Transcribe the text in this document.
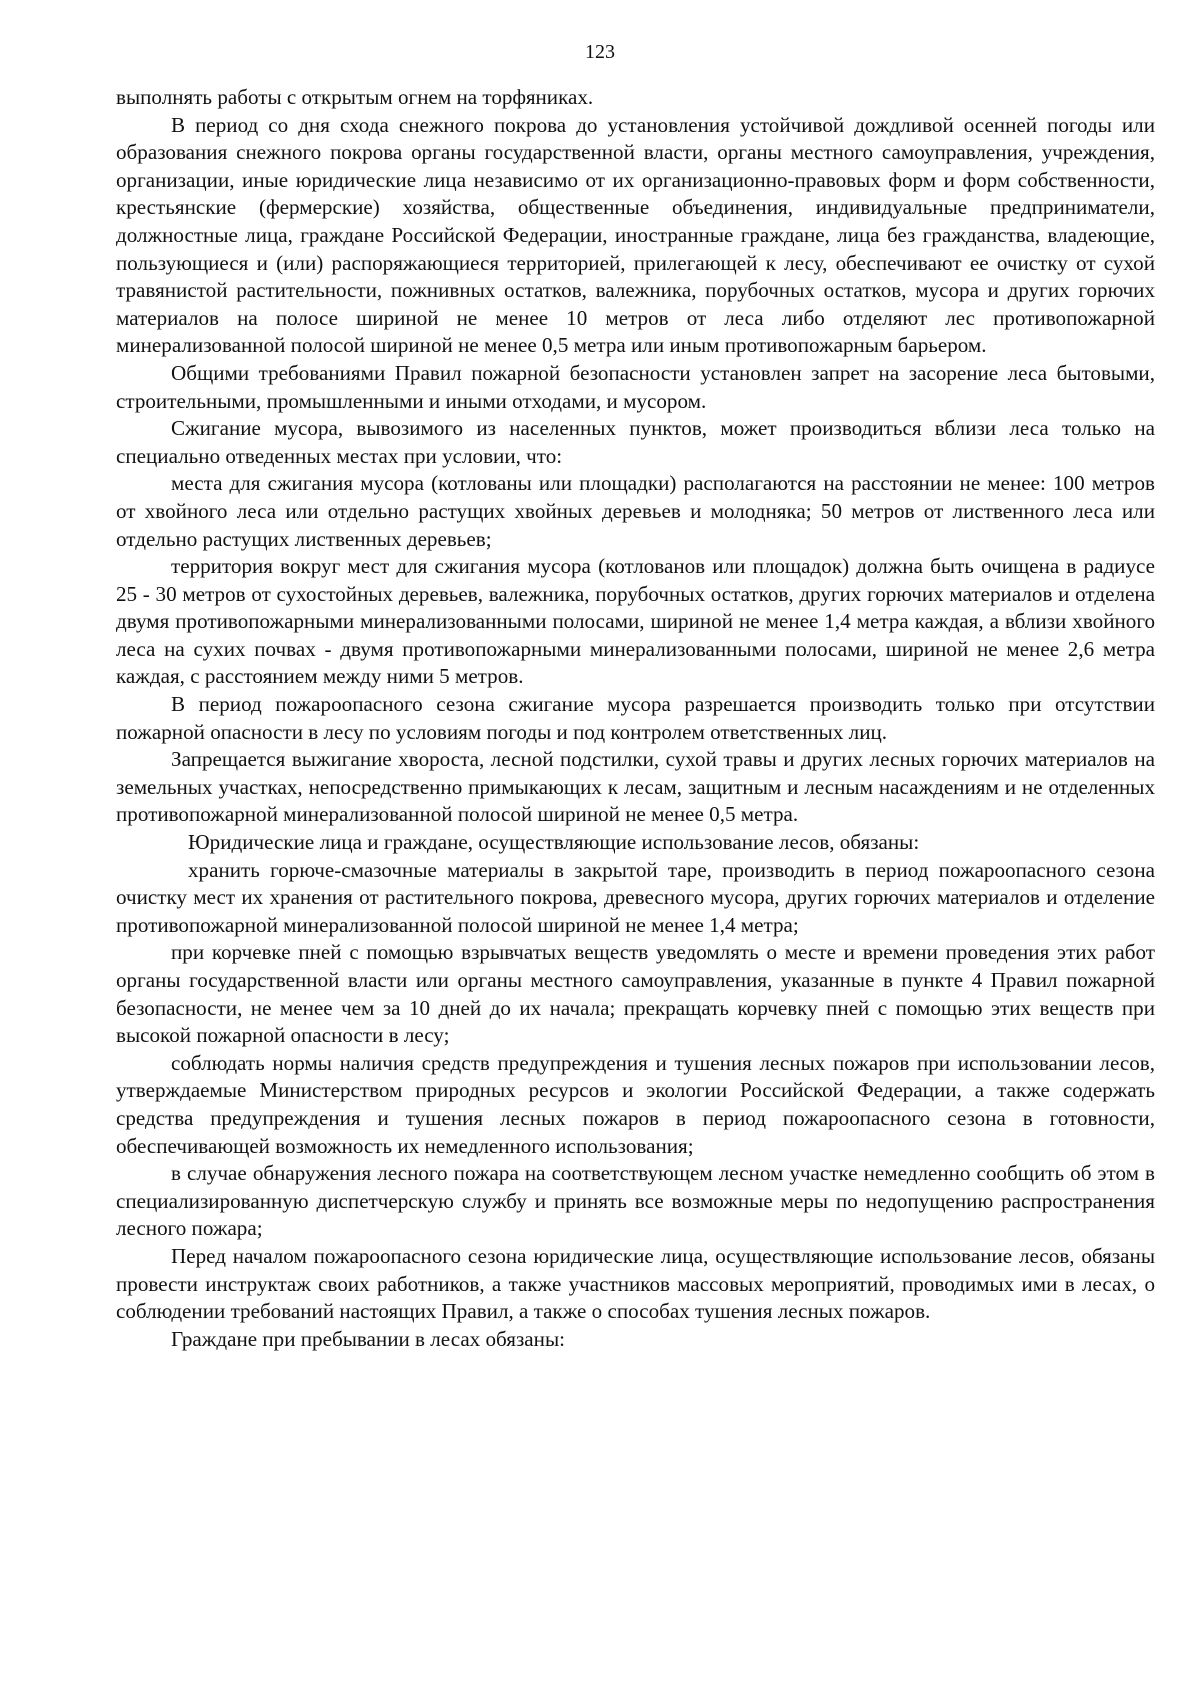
123

выполнять работы с открытым огнем на торфяниках.

В период со дня схода снежного покрова до установления устойчивой дождливой осенней погоды или образования снежного покрова органы государственной власти, органы местного самоуправления, учреждения, организации, иные юридические лица независимо от их организационно-правовых форм и форм собственности, крестьянские (фермерские) хозяйства, общественные объединения, индивидуальные предприниматели, должностные лица, граждане Российской Федерации, иностранные граждане, лица без гражданства, владеющие, пользующиеся и (или) распоряжающиеся территорией, прилегающей к лесу, обеспечивают ее очистку от сухой травянистой растительности, пожнивных остатков, валежника, порубочных остатков, мусора и других горючих материалов на полосе шириной не менее 10 метров от леса либо отделяют лес противопожарной минерализованной полосой шириной не менее 0,5 метра или иным противопожарным барьером.

Общими требованиями Правил пожарной безопасности установлен запрет на засорение леса бытовыми, строительными, промышленными и иными отходами, и мусором.

Сжигание мусора, вывозимого из населенных пунктов, может производиться вблизи леса только на специально отведенных местах при условии, что:

места для сжигания мусора (котлованы или площадки) располагаются на расстоянии не менее: 100 метров от хвойного леса или отдельно растущих хвойных деревьев и молодняка; 50 метров от лиственного леса или отдельно растущих лиственных деревьев;

территория вокруг мест для сжигания мусора (котлованов или площадок) должна быть очищена в радиусе 25 - 30 метров от сухостойных деревьев, валежника, порубочных остатков, других горючих материалов и отделена двумя противопожарными минерализованными полосами, шириной не менее 1,4 метра каждая, а вблизи хвойного леса на сухих почвах - двумя противопожарными минерализованными полосами, шириной не менее 2,6 метра каждая, с расстоянием между ними 5 метров.

В период пожароопасного сезона сжигание мусора разрешается производить только при отсутствии пожарной опасности в лесу по условиям погоды и под контролем ответственных лиц.

Запрещается выжигание хвороста, лесной подстилки, сухой травы и других лесных горючих материалов на земельных участках, непосредственно примыкающих к лесам, защитным и лесным насаждениям и не отделенных противопожарной минерализованной полосой шириной не менее 0,5 метра.

Юридические лица и граждане, осуществляющие использование лесов, обязаны:

хранить горюче-смазочные материалы в закрытой таре, производить в период пожароопасного сезона очистку мест их хранения от растительного покрова, древесного мусора, других горючих материалов и отделение противопожарной минерализованной полосой шириной не менее 1,4 метра;

при корчевке пней с помощью взрывчатых веществ уведомлять о месте и времени проведения этих работ органы государственной власти или органы местного самоуправления, указанные в пункте 4 Правил пожарной безопасности, не менее чем за 10 дней до их начала; прекращать корчевку пней с помощью этих веществ при высокой пожарной опасности в лесу;

соблюдать нормы наличия средств предупреждения и тушения лесных пожаров при использовании лесов, утверждаемые Министерством природных ресурсов и экологии Российской Федерации, а также содержать средства предупреждения и тушения лесных пожаров в период пожароопасного сезона в готовности, обеспечивающей возможность их немедленного использования;

в случае обнаружения лесного пожара на соответствующем лесном участке немедленно сообщить об этом в специализированную диспетчерскую службу и принять все возможные меры по недопущению распространения лесного пожара;

Перед началом пожароопасного сезона юридические лица, осуществляющие использование лесов, обязаны провести инструктаж своих работников, а также участников массовых мероприятий, проводимых ими в лесах, о соблюдении требований настоящих Правил, а также о способах тушения лесных пожаров.

Граждане при пребывании в лесах обязаны:
